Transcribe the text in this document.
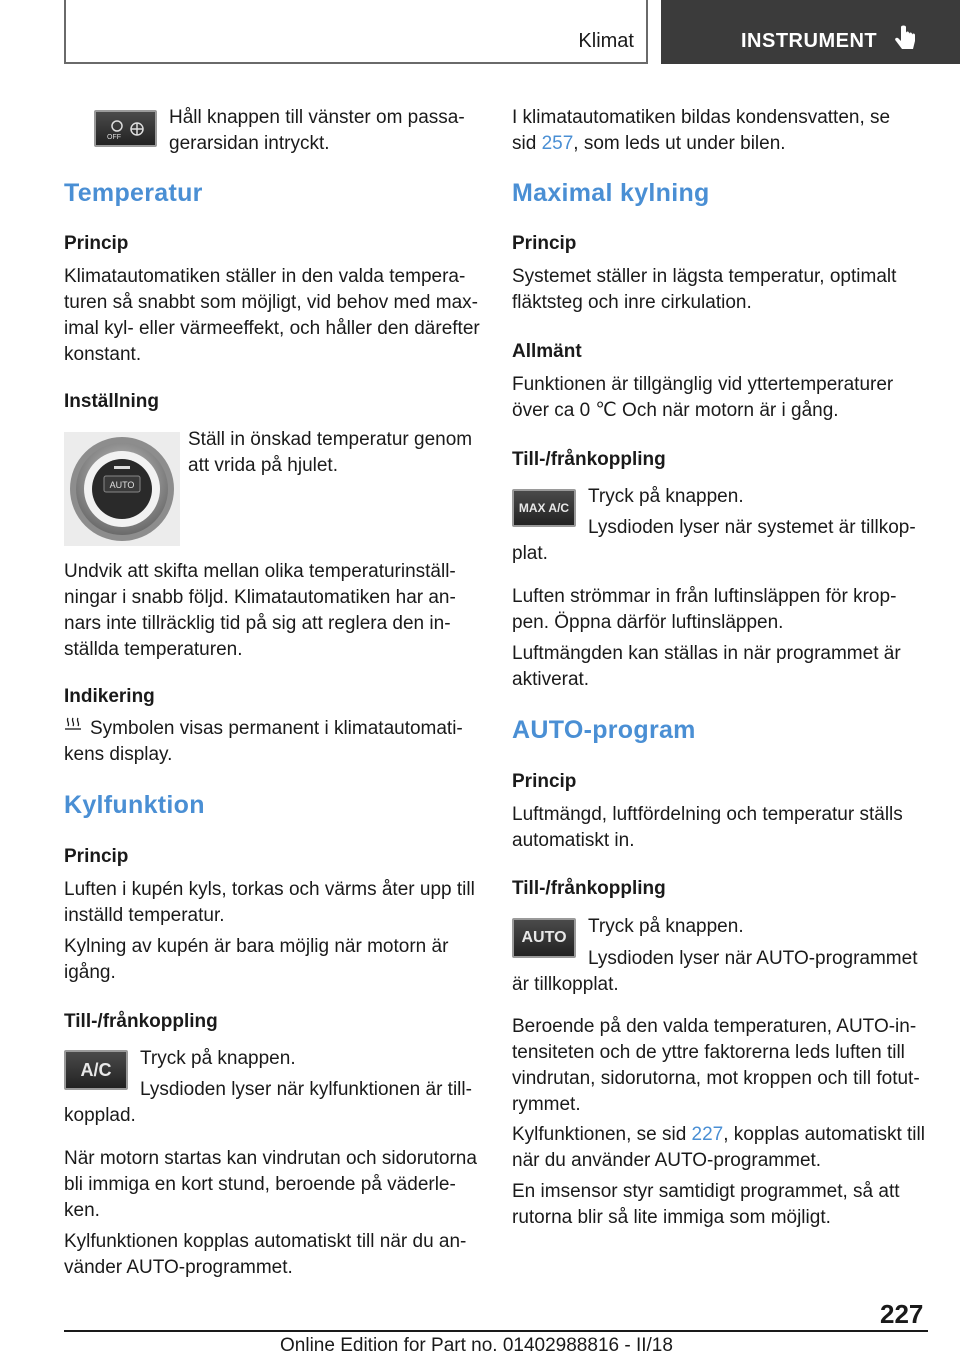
Klimat	INSTRUMENT
OFF

Håll knappen till vänster om passa‐
gerarsidan intryckt.

Temperatur
Princip

Klimatautomatiken ställer in den valda tempera‐
turen så snabbt som möjligt, vid behov med max‐
imal kyl- eller värmeeffekt, och håller den därefter
konstant.

Inställning
AUTO

Ställ in önskad temperatur genom
att vrida på hjulet.

Undvik att skifta mellan olika temperaturinställ‐
ningar i snabb följd. Klimatautomatiken har an‐
nars inte tillräcklig tid på sig att reglera den in‐
ställda temperaturen.

Indikering

Symbolen visas permanent i klimatautomati‐
kens display.

Kylfunktion
Princip

Luften i kupén kyls, torkas och värms åter upp till
inställd temperatur.

Kylning av kupén är bara möjlig när motorn är
igång.

Till-/frånkoppling
A/C

Tryck på knappen.

Lysdioden lyser när kylfunktionen är till‐
kopplad.

När motorn startas kan vindrutan och sidorutorna
bli immiga en kort stund, beroende på väderle‐
ken.

Kylfunktionen kopplas automatiskt till när du an‐
vänder AUTO-programmet.

I klimatautomatiken bildas kondensvatten, se
sid 257, som leds ut under bilen.

Maximal kylning
Princip

Systemet ställer in lägsta temperatur, optimalt
fläktsteg och inre cirkulation.

Allmänt

Funktionen är tillgänglig vid yttertemperaturer
över ca 0 ℃ Och när motorn är i gång.

Till-/frånkoppling
MAX A/C

Tryck på knappen.

Lysdioden lyser när systemet är tillkop‐
plat.

Luften strömmar in från luftinsläppen för krop‐
pen. Öppna därför luftinsläppen.

Luftmängden kan ställas in när programmet är
aktiverat.

AUTO-program
Princip

Luftmängd, luftfördelning och temperatur ställs
automatiskt in.

Till-/frånkoppling
AUTO

Tryck på knappen.

Lysdioden lyser när AUTO-programmet
är tillkopplat.

Beroende på den valda temperaturen, AUTO-in‐
tensiteten och de yttre faktorerna leds luften till
vindrutan, sidorutorna, mot kroppen och till fotut‐
rymmet.

Kylfunktionen, se sid 227, kopplas automatiskt till
när du använder AUTO-programmet.

En imsensor styr samtidigt programmet, så att
rutorna blir så lite immiga som möjligt.

227
Online Edition for Part no. 01402988816 - II/18
